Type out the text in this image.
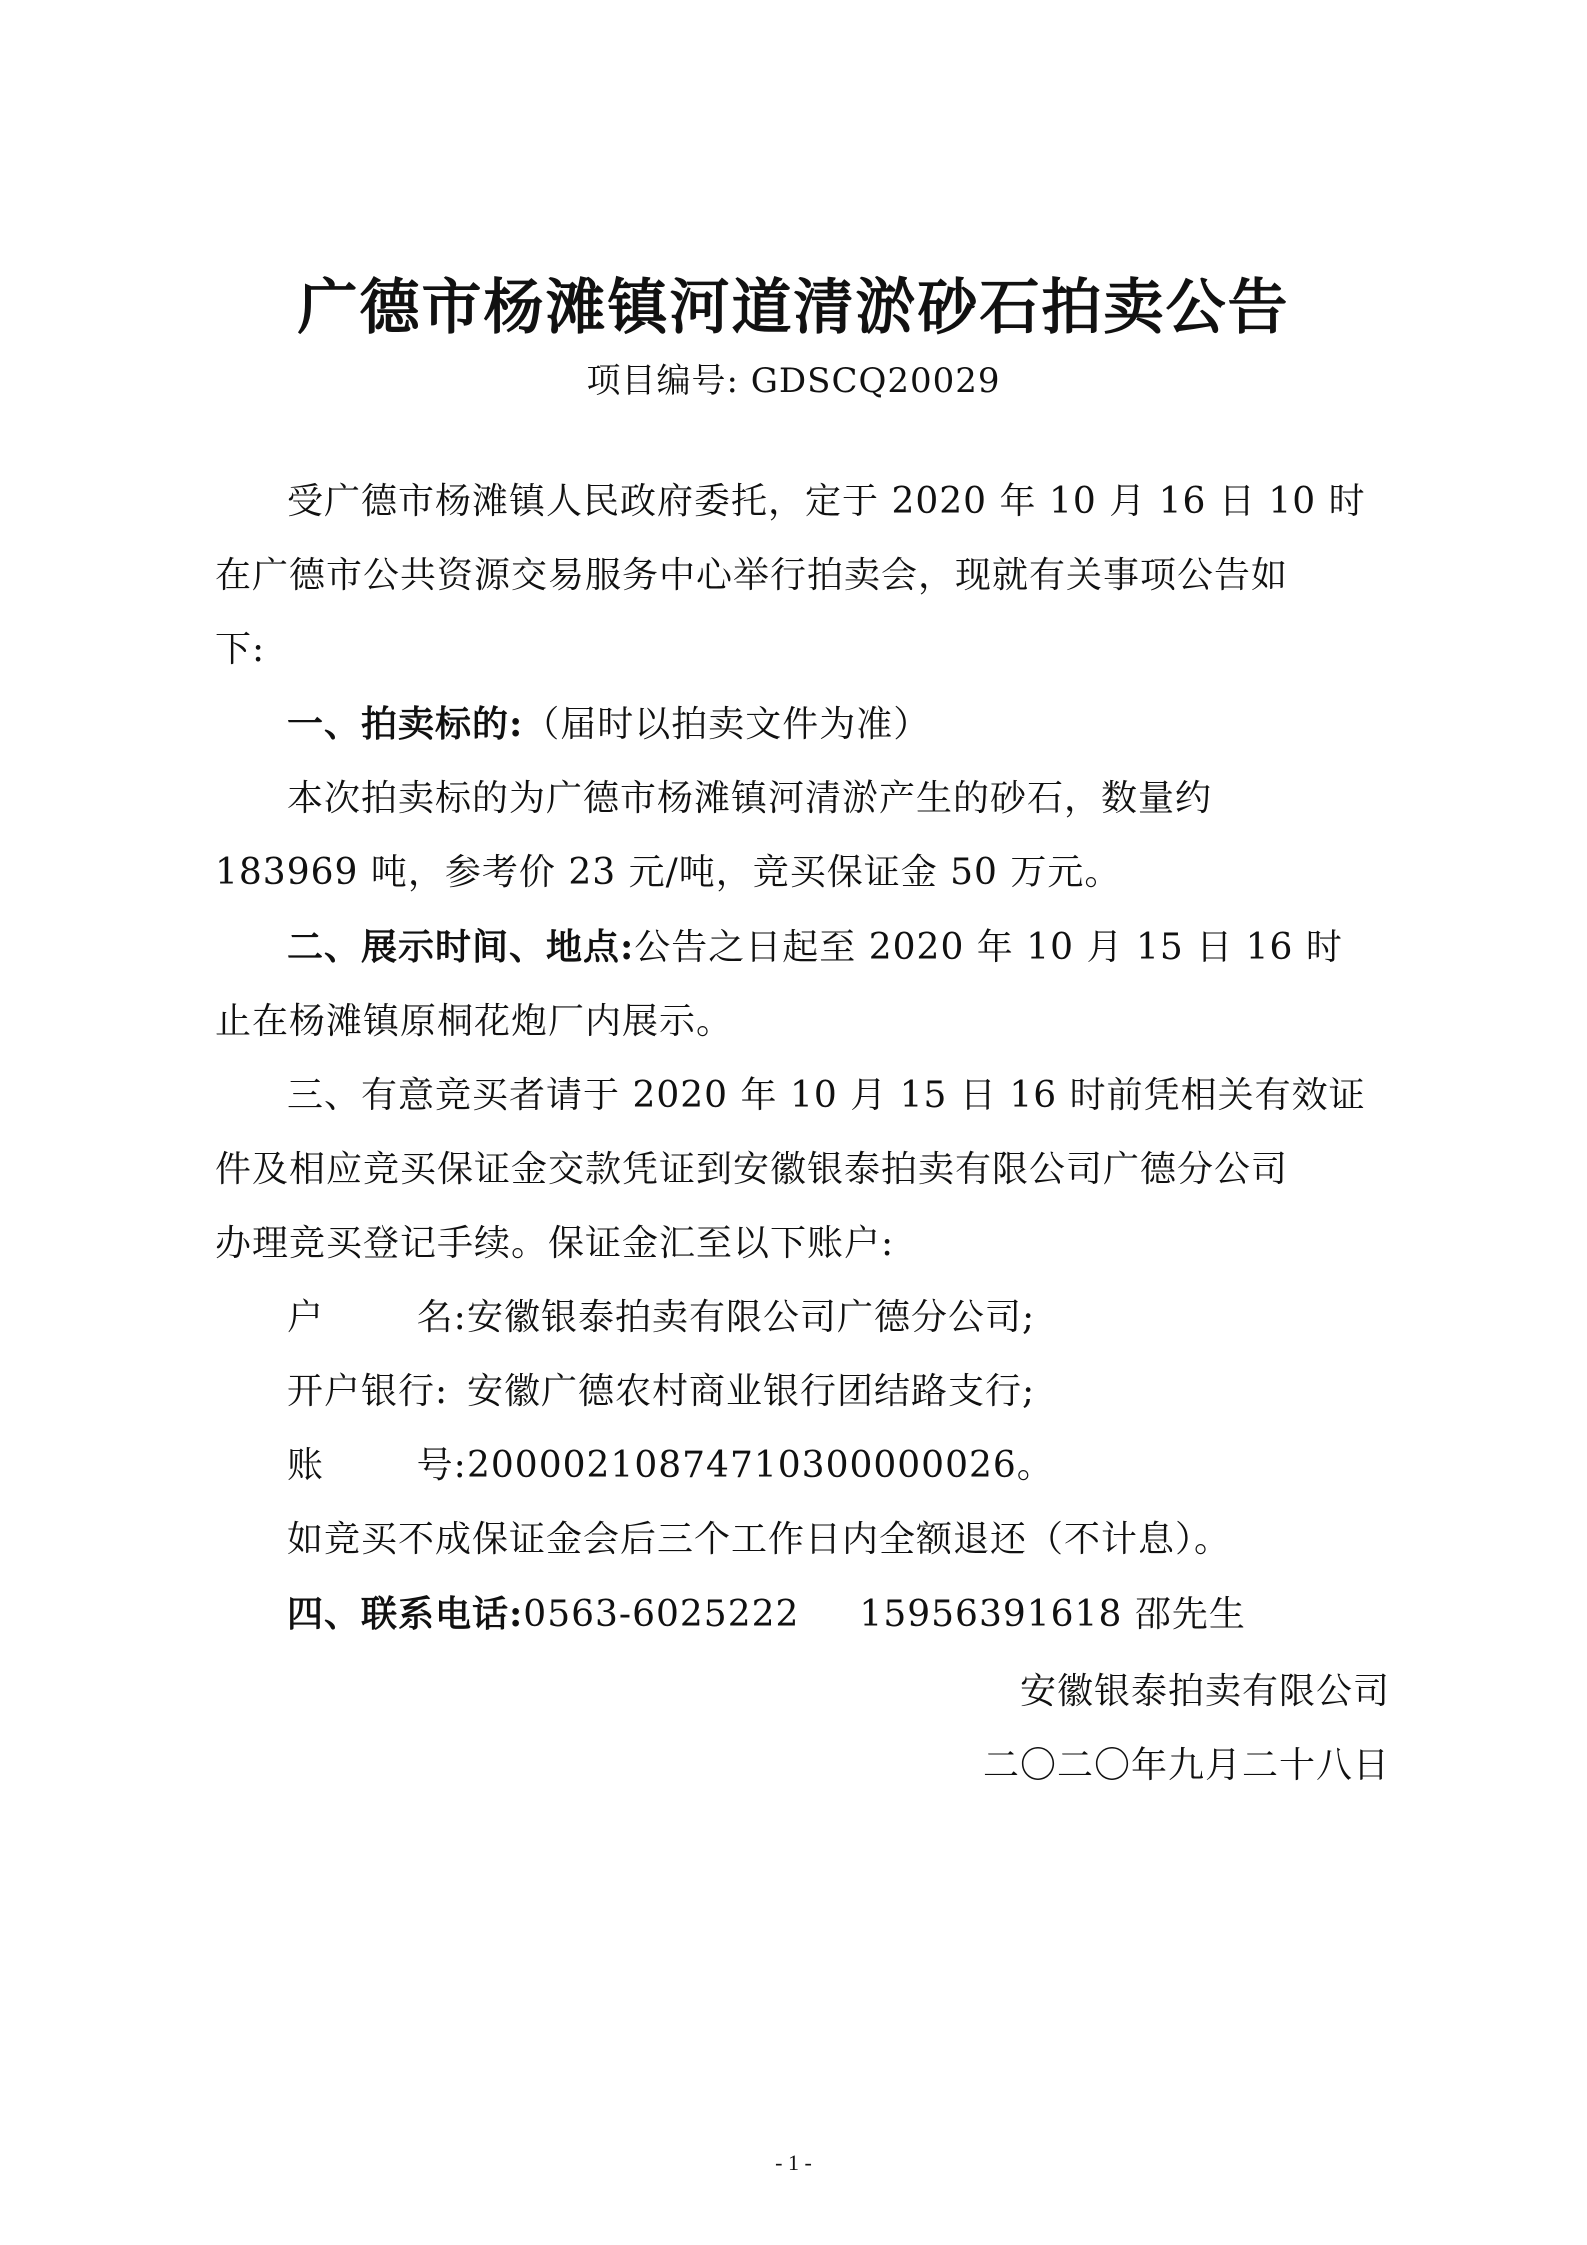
广德市杨滩镇河道清淤砂石拍卖公告
项目编号: GDSCQ20029

受广德市杨滩镇人民政府委托，定于 2020 年 10 月 16 日 10 时

在广德市公共资源交易服务中心举行拍卖会，现就有关事项公告如

下:

一、拍卖标的:（届时以拍卖文件为准）

本次拍卖标的为广德市杨滩镇河清淤产生的砂石，数量约

183969 吨，参考价 23 元/吨，竞买保证金 50 万元。

二、展示时间、地点:公告之日起至 2020 年 10 月 15 日 16 时

止在杨滩镇原桐花炮厂内展示。

三、有意竞买者请于 2020 年 10 月 15 日 16 时前凭相关有效证

件及相应竞买保证金交款凭证到安徽银泰拍卖有限公司广德分公司

办理竞买登记手续。保证金汇至以下账户:

户	名:安徽银泰拍卖有限公司广德分公司;

开户银行: 安徽广德农村商业银行团结路支行;

账	号:20000210874710300000026。

如竞买不成保证金会后三个工作日内全额退还（不计息）。

四、联系电话:0563-6025222 15956391618 邵先生

安徽银泰拍卖有限公司
二〇二〇年九月二十八日
- 1 -
